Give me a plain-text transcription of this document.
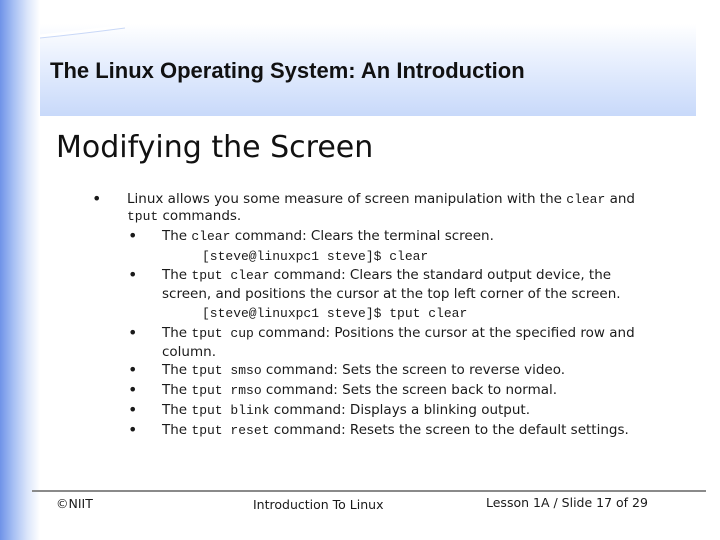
The Linux Operating System: An Introduction
Modifying the Screen
• Linux allows you some measure of screen manipulation with the clear and
tput commands.
• The clear command: Clears the terminal screen.
[steve@linuxpc1 steve]$ clear
• The tput clear command: Clears the standard output device, the
screen, and positions the cursor at the top left corner of the screen.
[steve@linuxpc1 steve]$ tput clear
• The tput cup command: Positions the cursor at the specified row and
column.
• The tput smso command: Sets the screen to reverse video.
• The tput rmso command: Sets the screen back to normal.
• The tput blink command: Displays a blinking output.
• The tput reset command: Resets the screen to the default settings.
©NIIT	Introduction To Linux	Lesson 1A / Slide 17 of 29
